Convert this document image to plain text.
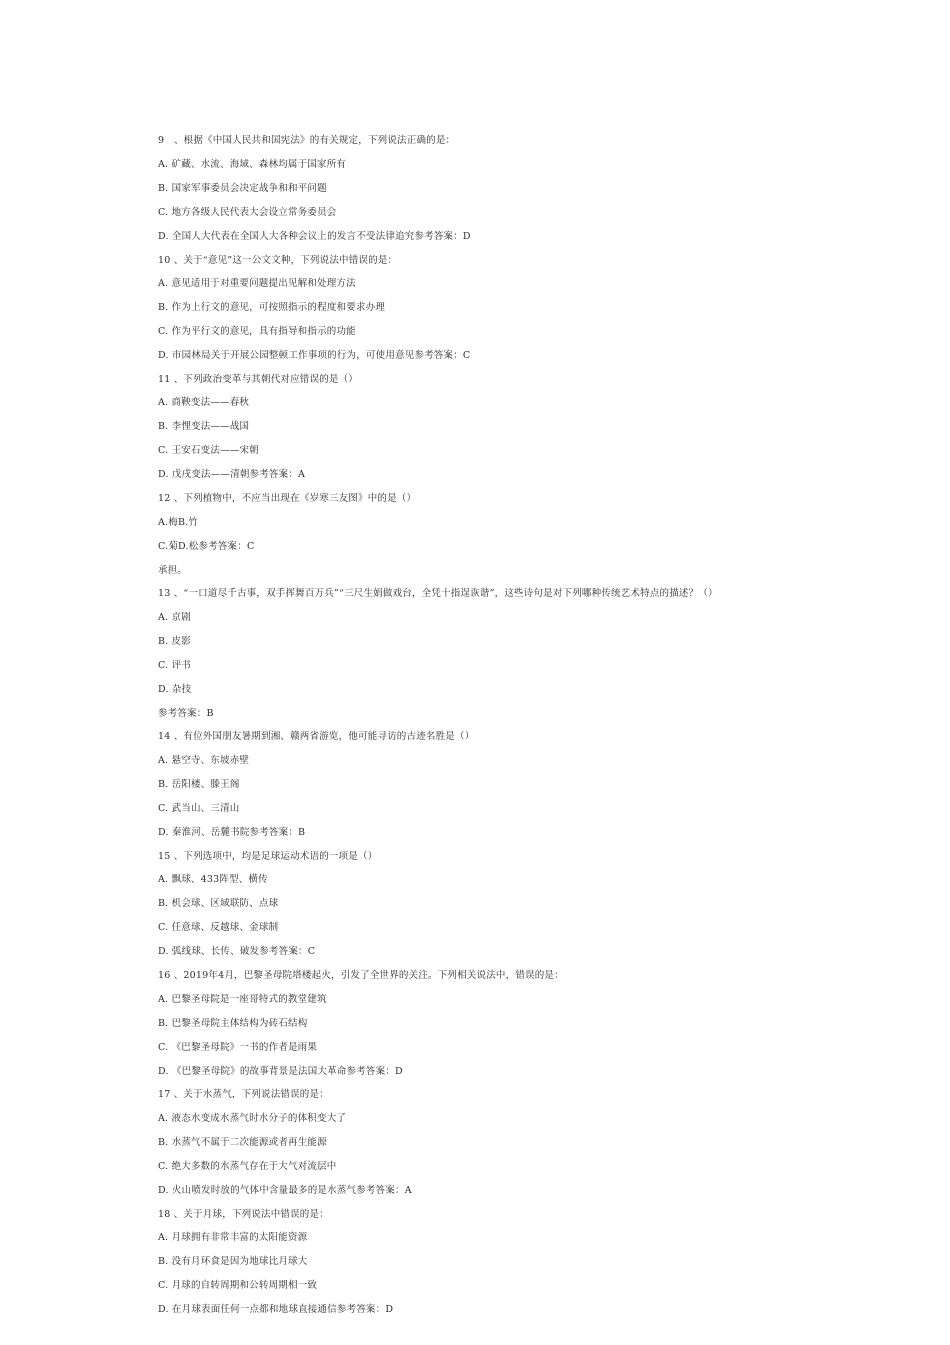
9　、根据《中国人民共和国宪法》的有关规定，下列说法正确的是：
A. 矿藏、水流、海域、森林均属于国家所有
B. 国家军事委员会决定战争和和平问题
C. 地方各级人民代表大会设立常务委员会
D. 全国人大代表在全国人大各种会议上的发言不受法律追究参考答案：D
10 、关于“意见”这一公文文种，下列说法中错误的是：
A. 意见适用于对重要问题提出见解和处理方法
B. 作为上行文的意见，可按照指示的程度和要求办理
C. 作为平行文的意见，具有指导和指示的功能
D. 市园林局关于开展公园整顿工作事项的行为，可使用意见参考答案：C
11 、下列政治变革与其朝代对应错误的是（）
A. 商鞅变法——春秋
B. 李悝变法——战国
C. 王安石变法——宋朝
D. 戊戌变法——清朝参考答案：A
12 、下列植物中，不应当出现在《岁寒三友图》中的是（）
A.梅B.竹
C.菊D.松参考答案：C
承担。
13 、“一口道尽千古事，双手挥舞百万兵”“三尺生娟做戏台，全凭十指逞诙谐”，这些诗句是对下列哪种传统艺术特点的描述？（）
A. 京剧
B. 皮影
C. 评书
D. 杂技
参考答案：B
14 、有位外国朋友暑期到湘、赣两省游览，他可能寻访的古迹名胜是（）
A. 悬空寺、东坡赤壁
B. 岳阳楼、滕王阁
C. 武当山、三清山
D. 秦淮河、岳麓书院参考答案：B
15 、下列选项中，均是足球运动术语的一项是（）
A. 飘球、433阵型、横传
B. 机会球、区域联防、点球
C. 任意球、反越球、金球制
D. 弧线球、长传、破发参考答案：C
16 、2019年4月，巴黎圣母院塔楼起火，引发了全世界的关注。下列相关说法中，错误的是：
A. 巴黎圣母院是一座哥特式的教堂建筑
B. 巴黎圣母院主体结构为砖石结构
C. 《巴黎圣母院》一书的作者是雨果
D. 《巴黎圣母院》的故事背景是法国大革命参考答案：D
17 、关于水蒸气，下列说法错误的是：
A. 液态水变成水蒸气时水分子的体积变大了
B. 水蒸气不属于二次能源或者再生能源
C. 绝大多数的水蒸气存在于大气对流层中
D. 火山喷发时放的气体中含量最多的是水蒸气参考答案：A
18 、关于月球，下列说法中错误的是：
A. 月球拥有非常丰富的太阳能资源
B. 没有月环食是因为地球比月球大
C. 月球的自转周期和公转周期相一致
D. 在月球表面任何一点都和地球直接通信参考答案：D
